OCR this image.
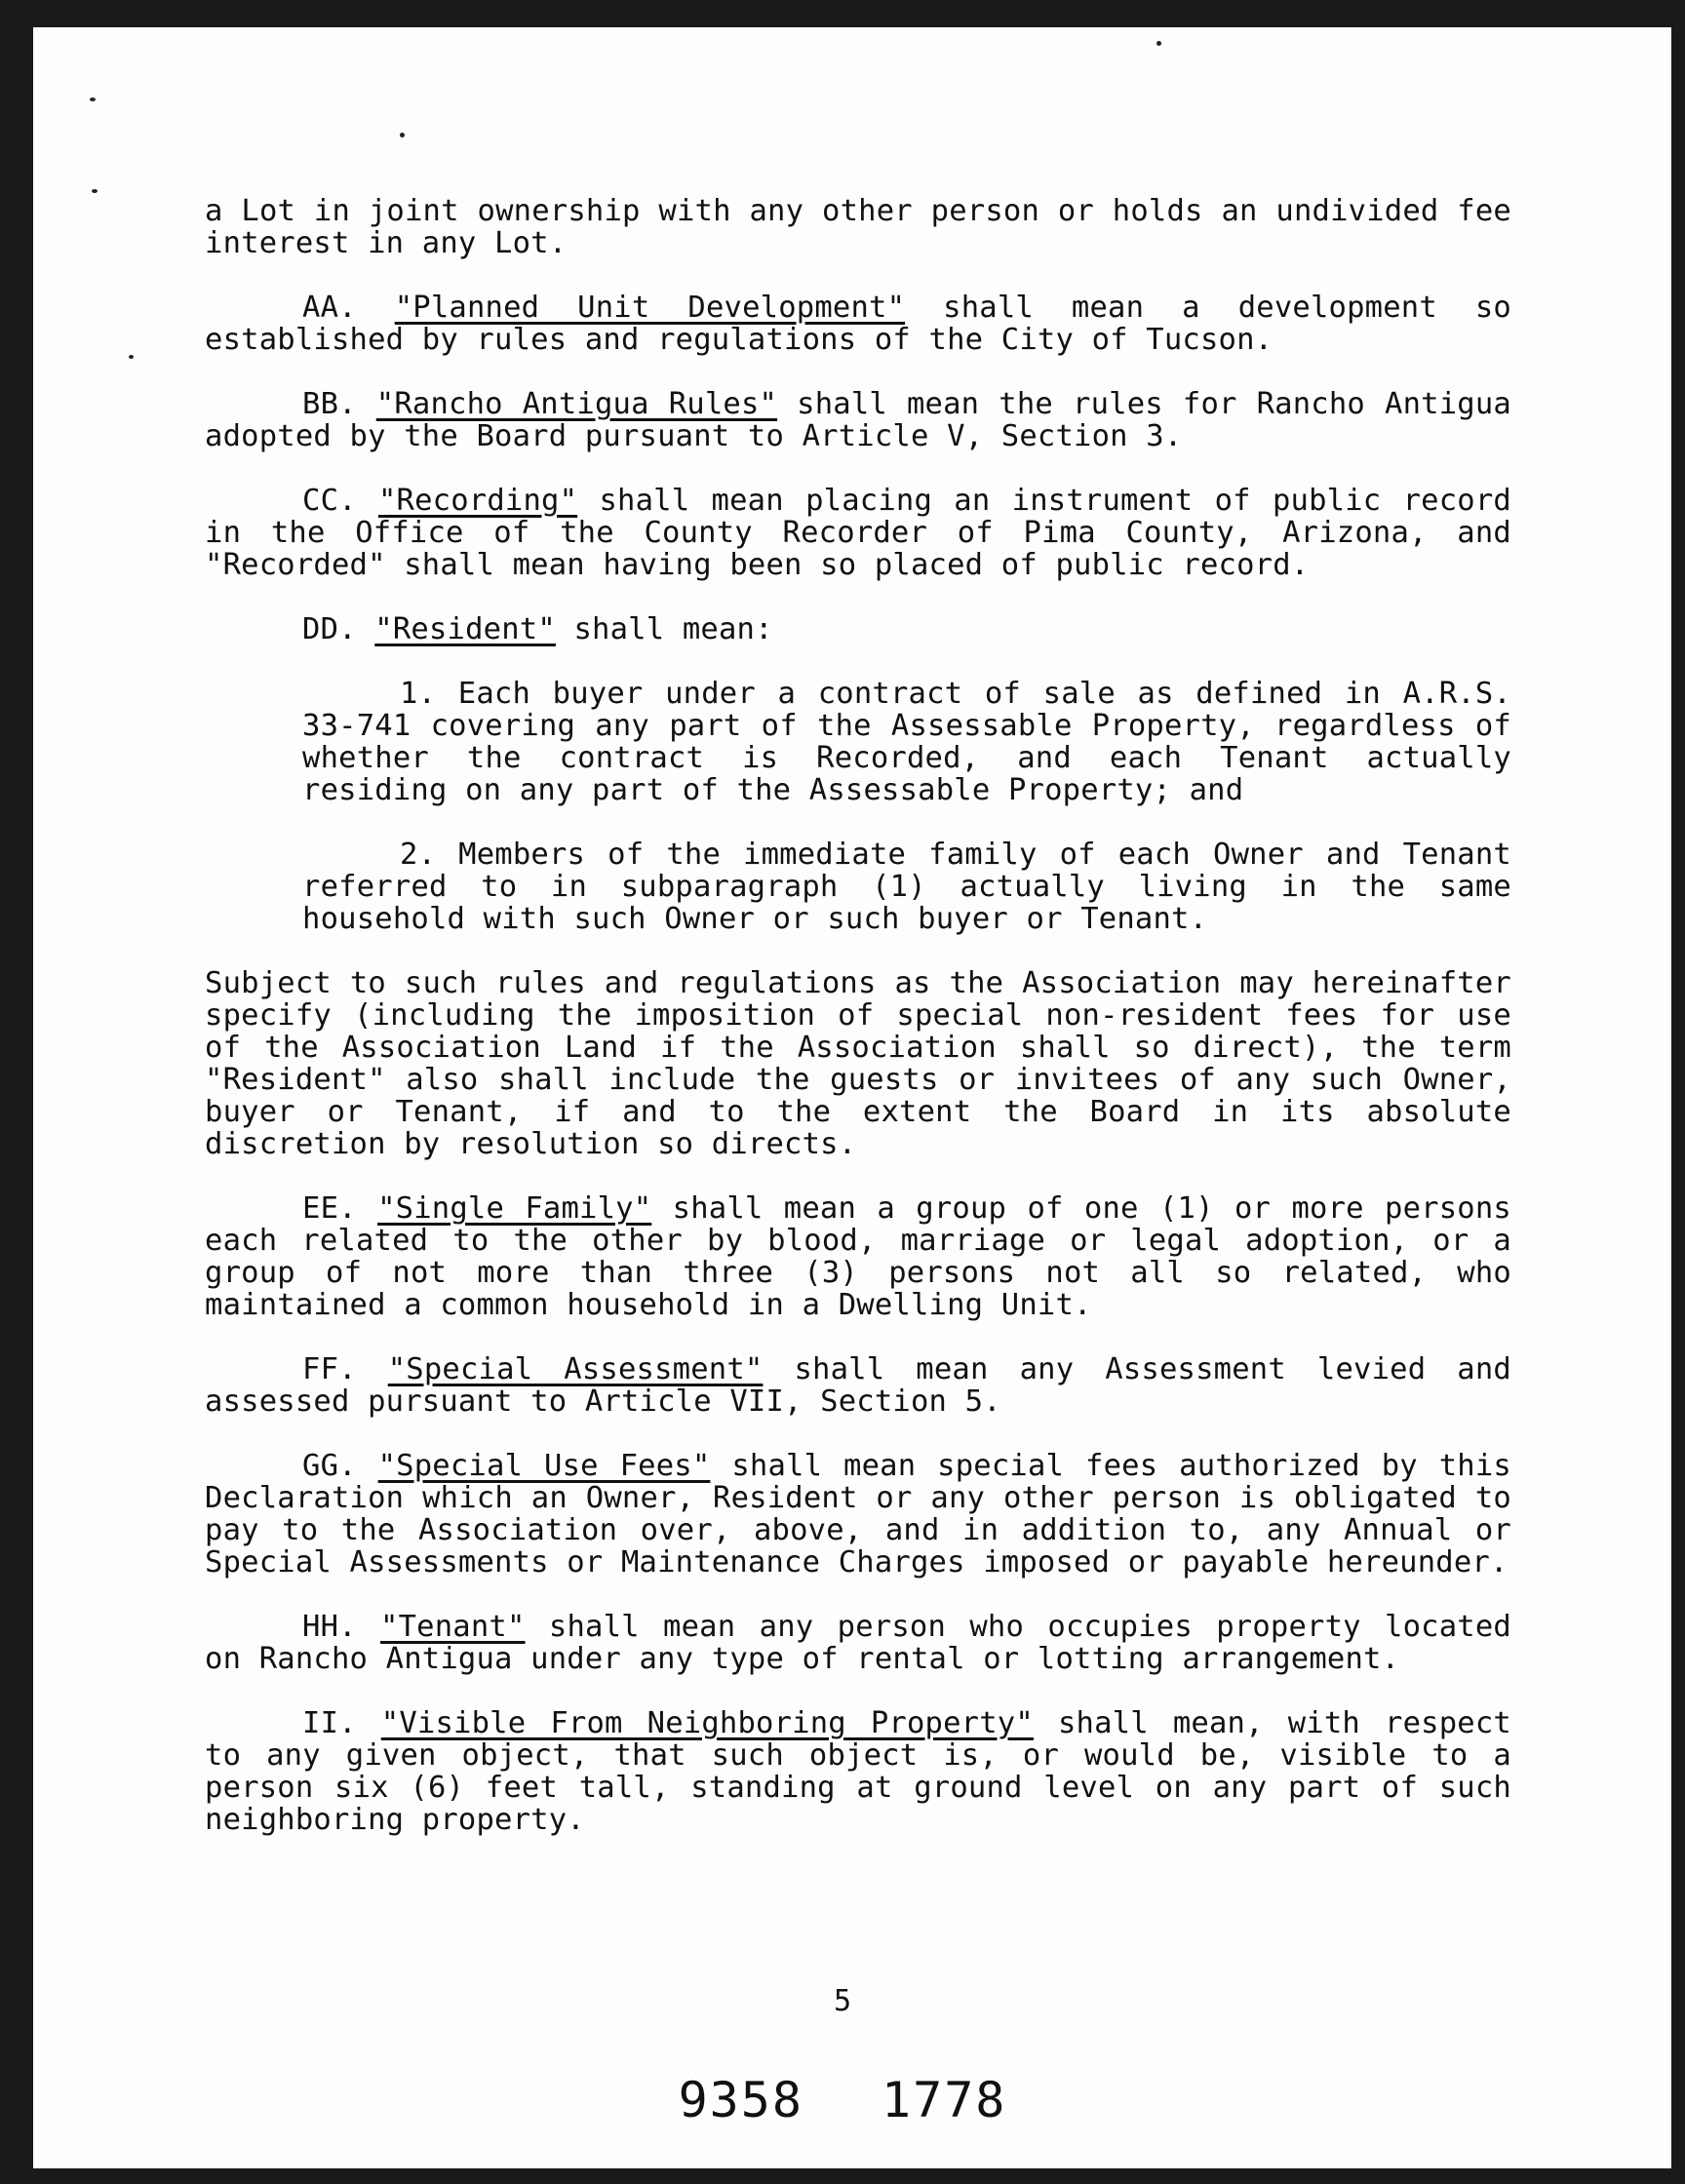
a Lot in joint ownership with any other person or holds an undivided fee interest in any Lot.

AA. "Planned Unit Development" shall mean a development so established by rules and regulations of the City of Tucson.

BB. "Rancho Antigua Rules" shall mean the rules for Rancho Antigua adopted by the Board pursuant to Article V, Section 3.

CC. "Recording" shall mean placing an instrument of public record in the Office of the County Recorder of Pima County, Arizona, and "Recorded" shall mean having been so placed of public record.

DD. "Resident" shall mean:

1. Each buyer under a contract of sale as defined in A.R.S. 33-741 covering any part of the Assessable Property, regardless of whether the contract is Recorded, and each Tenant actually residing on any part of the Assessable Property; and

2. Members of the immediate family of each Owner and Tenant referred to in subparagraph (1) actually living in the same household with such Owner or such buyer or Tenant.

Subject to such rules and regulations as the Association may hereinafter specify (including the imposition of special non-resident fees for use of the Association Land if the Association shall so direct), the term "Resident" also shall include the guests or invitees of any such Owner, buyer or Tenant, if and to the extent the Board in its absolute discretion by resolution so directs.

EE. "Single Family" shall mean a group of one (1) or more persons each related to the other by blood, marriage or legal adoption, or a group of not more than three (3) persons not all so related, who maintained a common household in a Dwelling Unit.

FF. "Special Assessment" shall mean any Assessment levied and assessed pursuant to Article VII, Section 5.

GG. "Special Use Fees" shall mean special fees authorized by this Declaration which an Owner, Resident or any other person is obligated to pay to the Association over, above, and in addition to, any Annual or Special Assessments or Maintenance Charges imposed or payable hereunder.

HH. "Tenant" shall mean any person who occupies property located on Rancho Antigua under any type of rental or lotting arrangement.

II. "Visible From Neighboring Property" shall mean, with respect to any given object, that such object is, or would be, visible to a person six (6) feet tall, standing at ground level on any part of such neighboring property.

5
9358 1778
